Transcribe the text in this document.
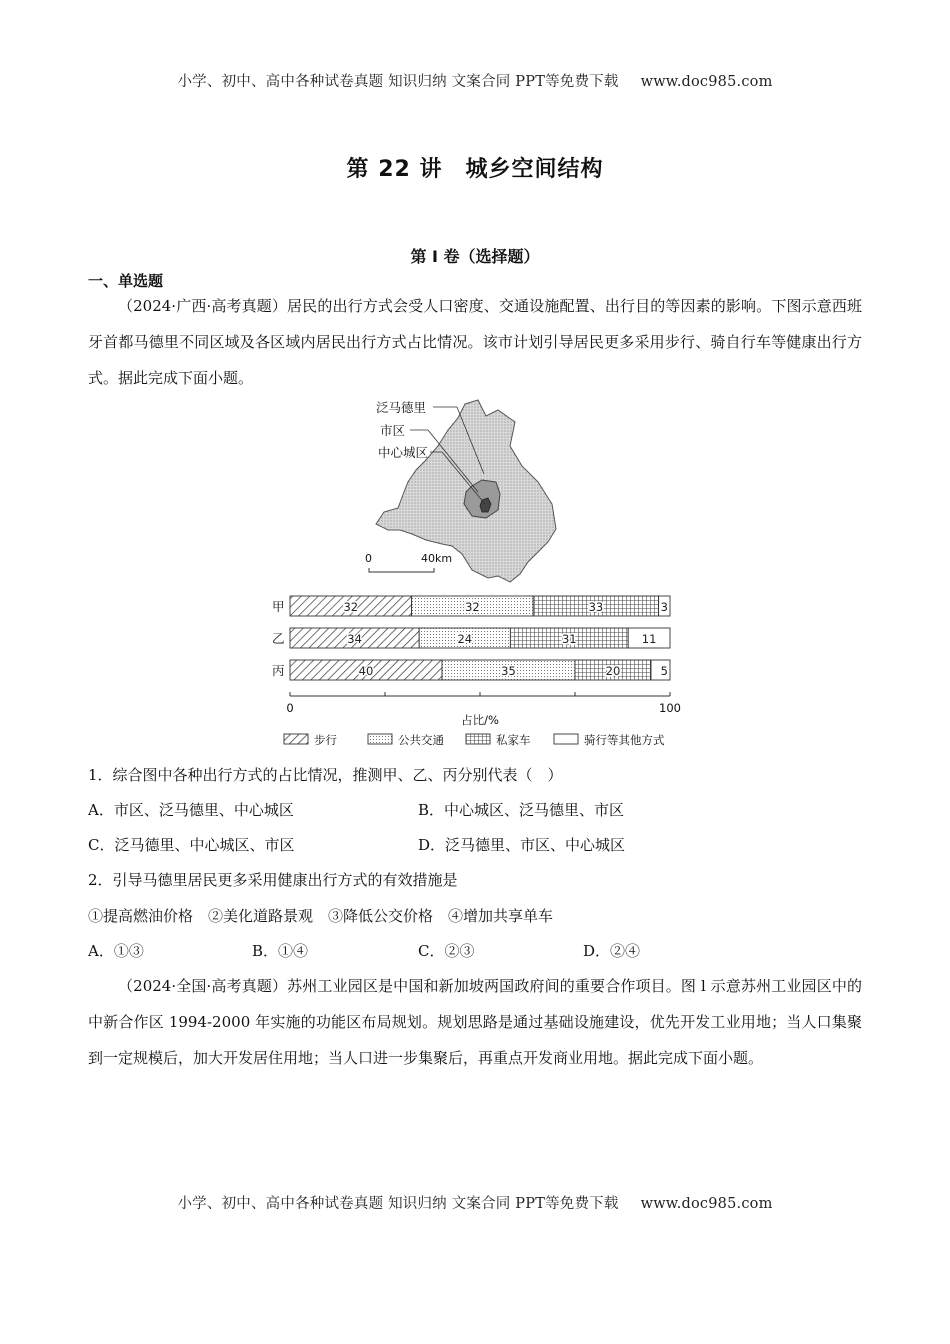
小学、初中、高中各种试卷真题 知识归纳 文案合同 PPT等免费下载 www.doc985.com
第 22 讲　城乡空间结构
第 I 卷（选择题）
一、单选题
（2024·广西·高考真题）居民的出行方式会受人口密度、交通设施配置、出行目的等因素的影响。下图示意西班牙首都马德里不同区域及各区域内居民出行方式占比情况。该市计划引导居民更多采用步行、骑自行车等健康出行方式。据此完成下面小题。
泛马德里
市区
中心城区
0	40km
甲	32	32	33	3
乙	34	24	31	11
丙	40	35	20	5
0	100
占比/%
步行	公共交通	私家车	骑行等其他方式
1．综合图中各种出行方式的占比情况，推测甲、乙、丙分别代表（　）
A．市区、泛马德里、中心城区	B．中心城区、泛马德里、市区
C．泛马德里、中心城区、市区	D．泛马德里、市区、中心城区
2．引导马德里居民更多采用健康出行方式的有效措施是
①提高燃油价格　②美化道路景观　③降低公交价格　④增加共享单车
A．①③	B．①④	C．②③	D．②④
（2024·全国·高考真题）苏州工业园区是中国和新加坡两国政府间的重要合作项目。图 l 示意苏州工业园区中的中新合作区 1994-2000 年实施的功能区布局规划。规划思路是通过基础设施建设，优先开发工业用地；当人口集聚到一定规模后，加大开发居住用地；当人口进一步集聚后，再重点开发商业用地。据此完成下面小题。
小学、初中、高中各种试卷真题 知识归纳 文案合同 PPT等免费下载 www.doc985.com
